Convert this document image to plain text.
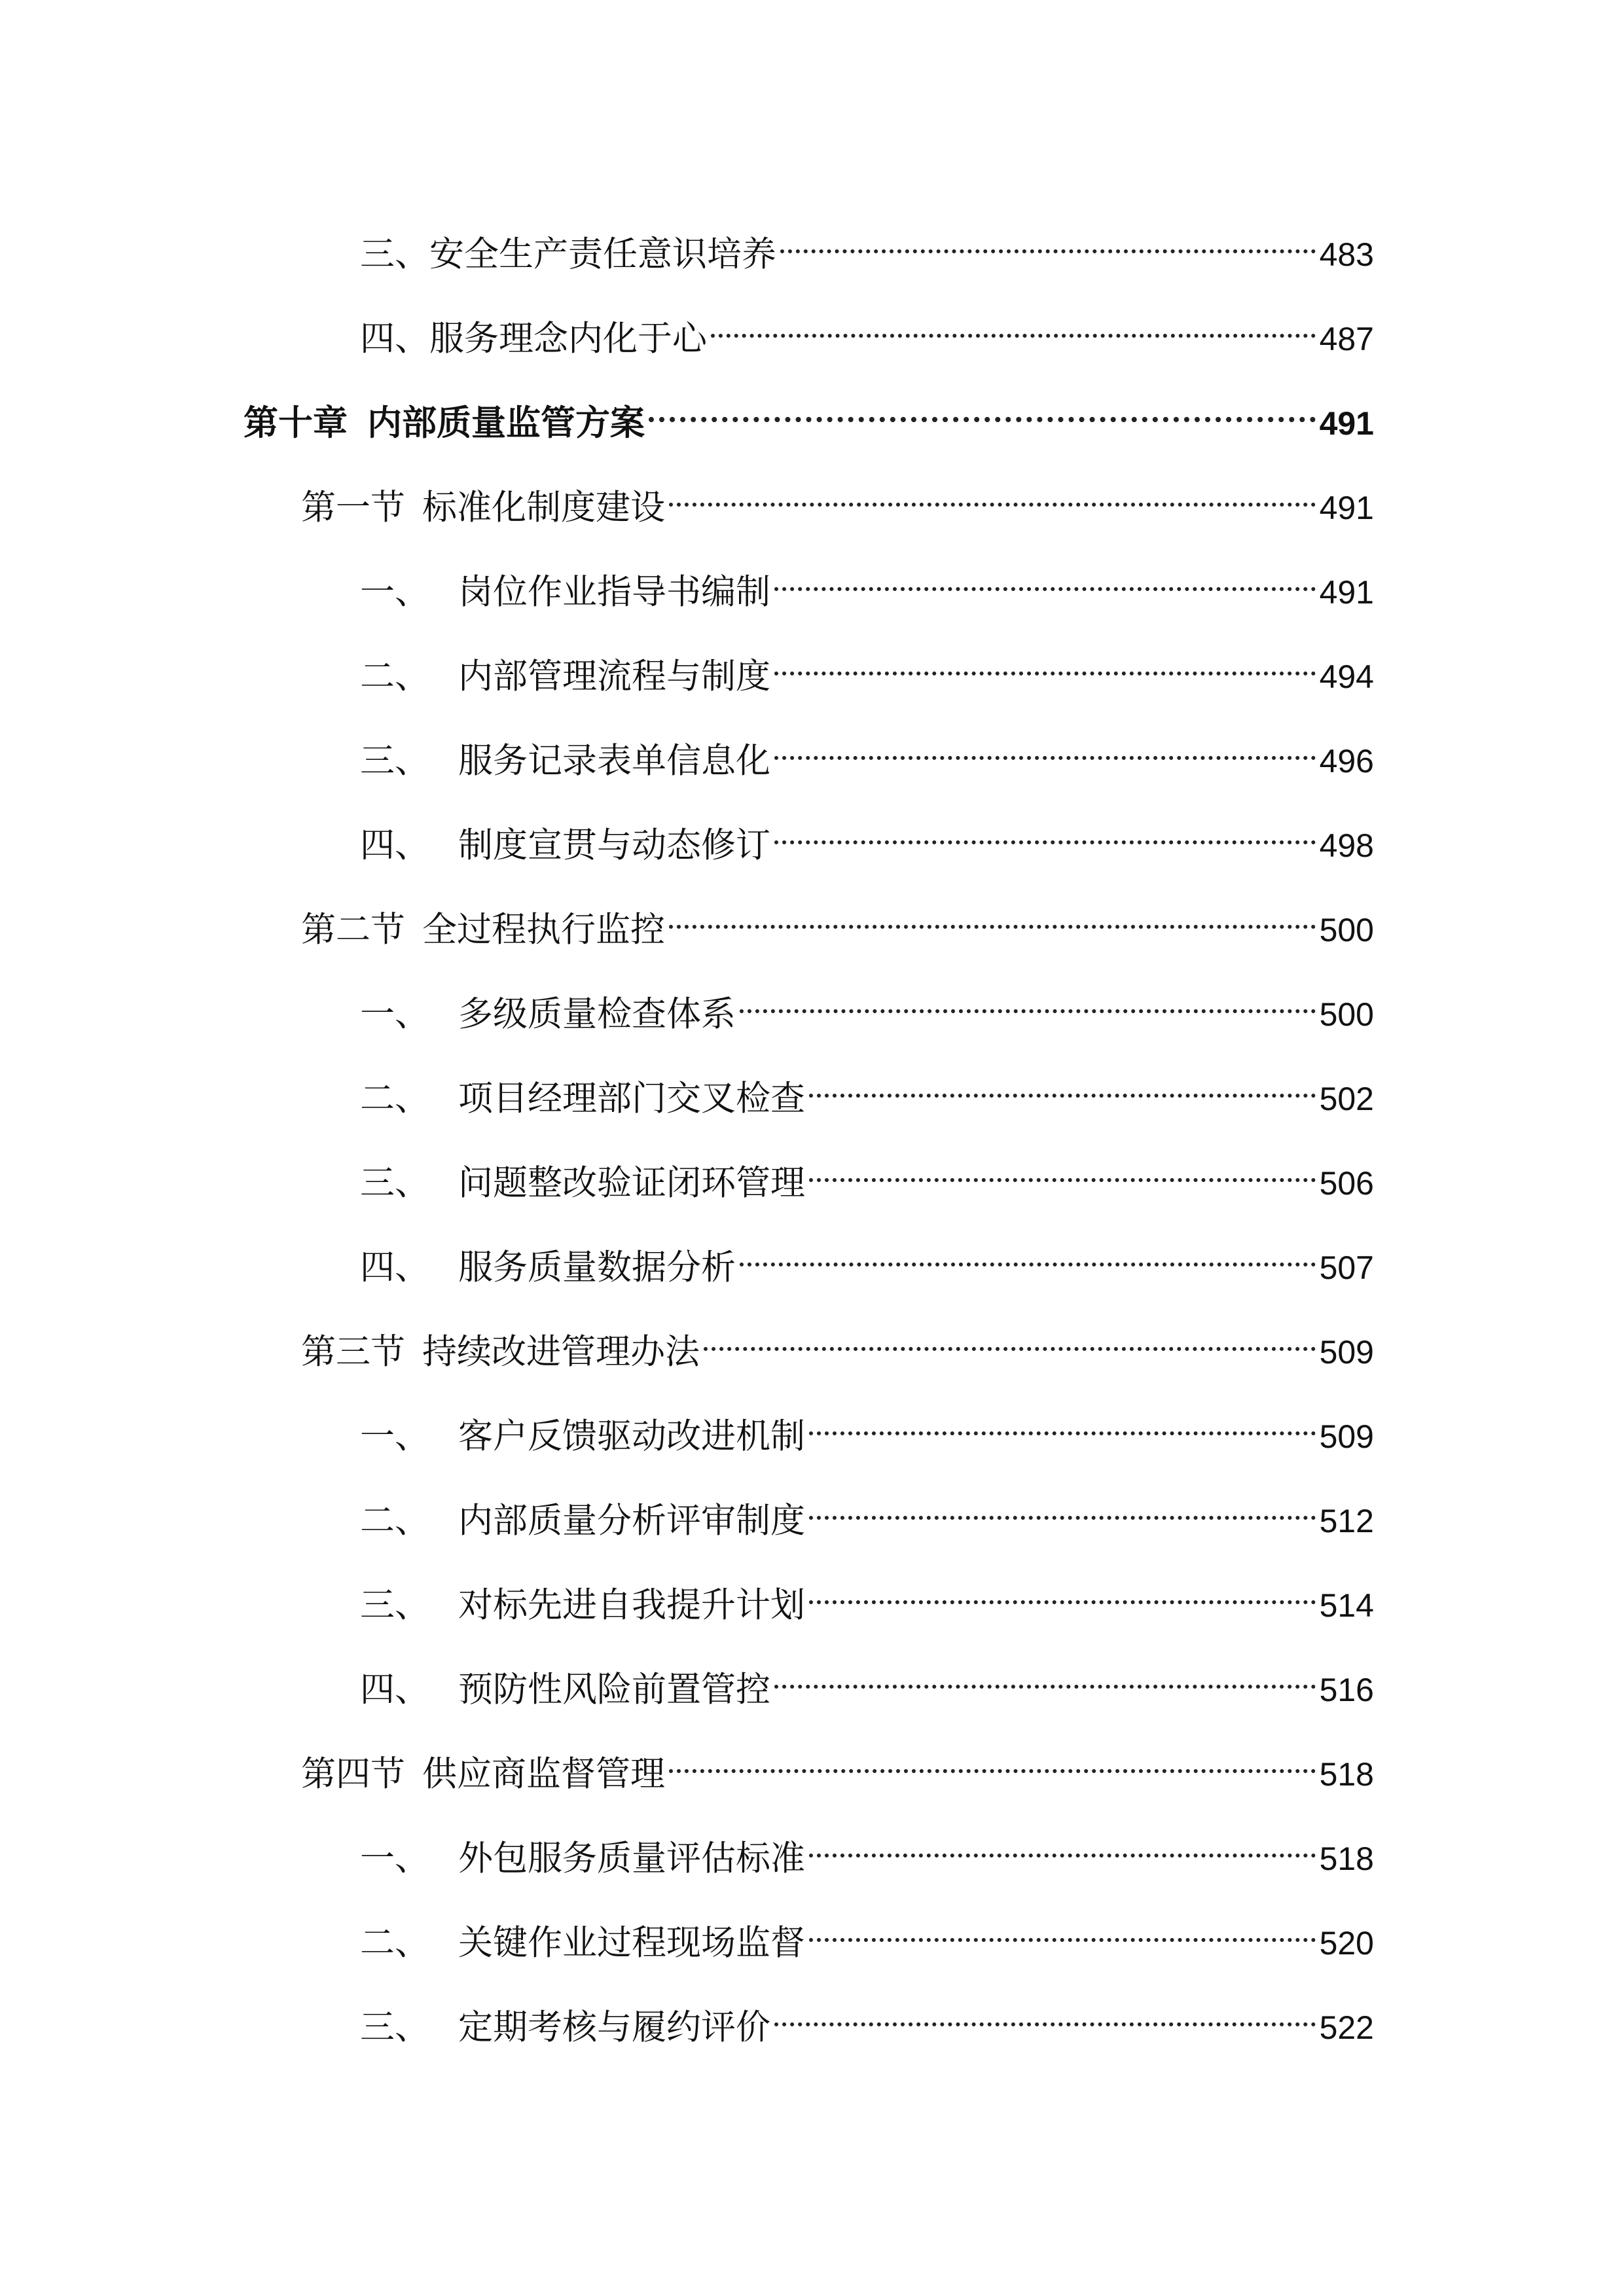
三、 安全生产责任意识培养	483
四、 服务理念内化于心	487
第十章 内部质量监管方案	491
第一节 标准化制度建设	491
一、 岗位作业指导书编制	491
二、 内部管理流程与制度	494
三、 服务记录表单信息化	496
四、 制度宣贯与动态修订	498
第二节 全过程执行监控	500
一、 多级质量检查体系	500
二、 项目经理部门交叉检查	502
三、 问题整改验证闭环管理	506
四、 服务质量数据分析	507
第三节 持续改进管理办法	509
一、 客户反馈驱动改进机制	509
二、 内部质量分析评审制度	512
三、 对标先进自我提升计划	514
四、 预防性风险前置管控	516
第四节 供应商监督管理	518
一、 外包服务质量评估标准	518
二、 关键作业过程现场监督	520
三、 定期考核与履约评价	522
